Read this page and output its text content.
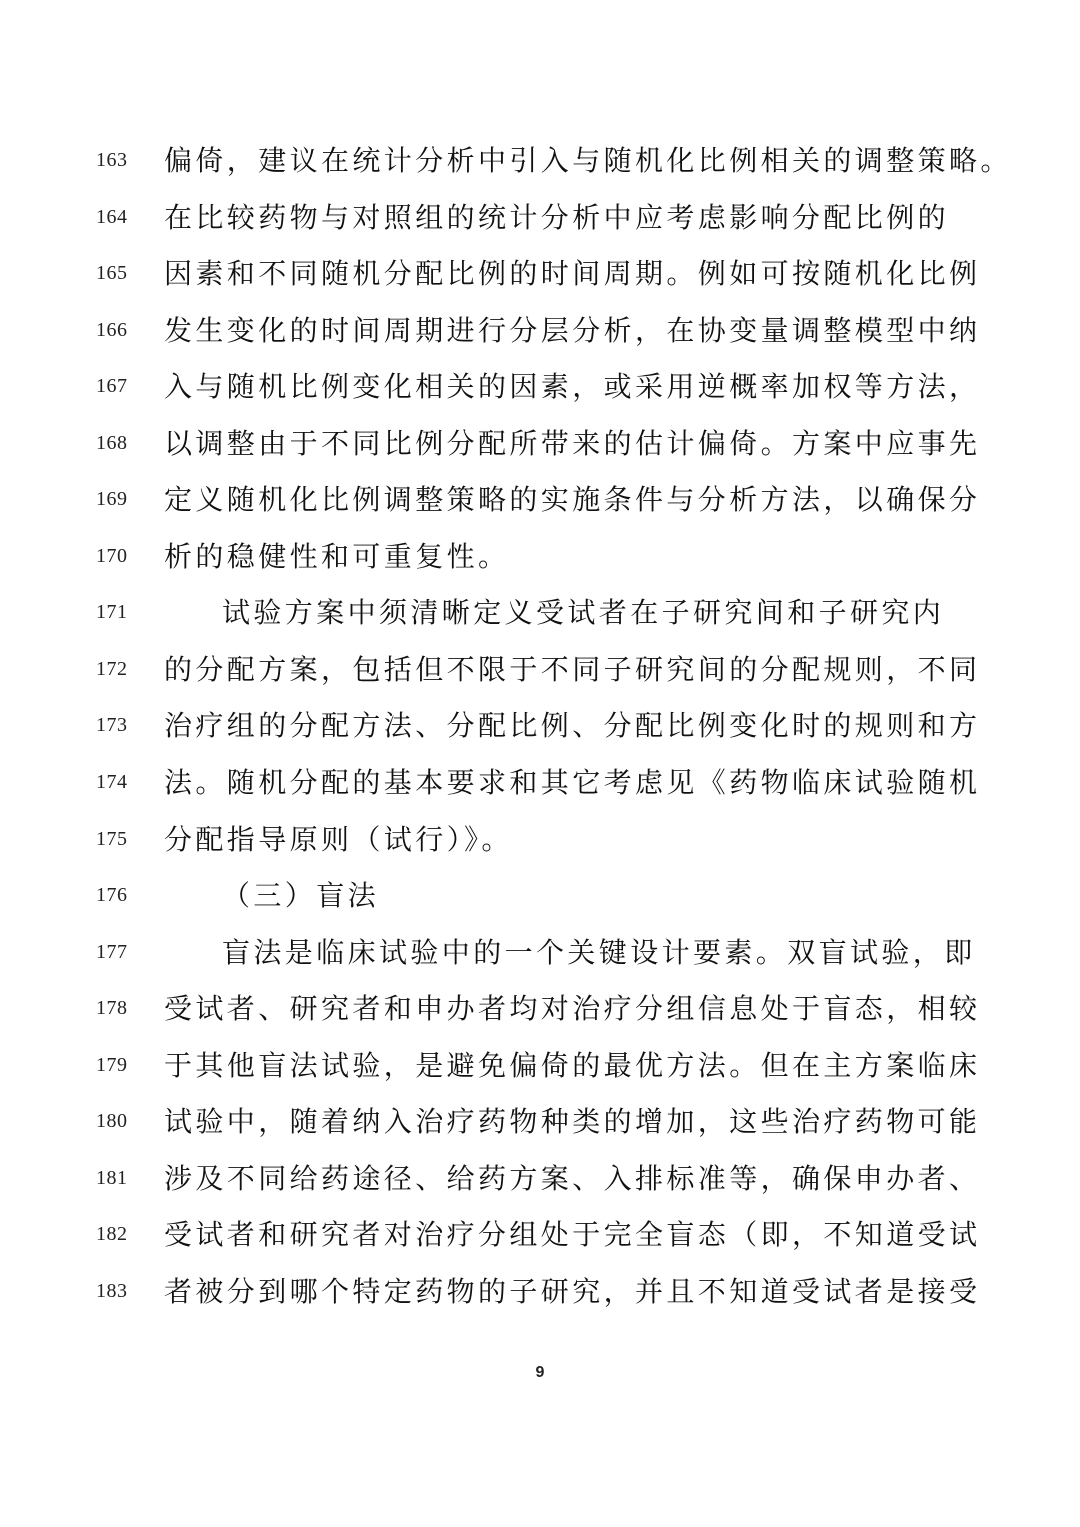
163	偏倚，建议在统计分析中引入与随机化比例相关的调整策略。
164	在比较药物与对照组的统计分析中应考虑影响分配比例的
165	因素和不同随机分配比例的时间周期。例如可按随机化比例
166	发生变化的时间周期进行分层分析，在协变量调整模型中纳
167	入与随机比例变化相关的因素，或采用逆概率加权等方法，
168	以调整由于不同比例分配所带来的估计偏倚。方案中应事先
169	定义随机化比例调整策略的实施条件与分析方法，以确保分
170	析的稳健性和可重复性。
171	试验方案中须清晰定义受试者在子研究间和子研究内
172	的分配方案，包括但不限于不同子研究间的分配规则，不同
173	治疗组的分配方法、分配比例、分配比例变化时的规则和方
174	法。随机分配的基本要求和其它考虑见《药物临床试验随机
175	分配指导原则（试行）》。
176	（三）盲法
177	盲法是临床试验中的一个关键设计要素。双盲试验，即
178	受试者、研究者和申办者均对治疗分组信息处于盲态，相较
179	于其他盲法试验，是避免偏倚的最优方法。但在主方案临床
180	试验中，随着纳入治疗药物种类的增加，这些治疗药物可能
181	涉及不同给药途径、给药方案、入排标准等，确保申办者、
182	受试者和研究者对治疗分组处于完全盲态（即，不知道受试
183	者被分到哪个特定药物的子研究，并且不知道受试者是接受
9
